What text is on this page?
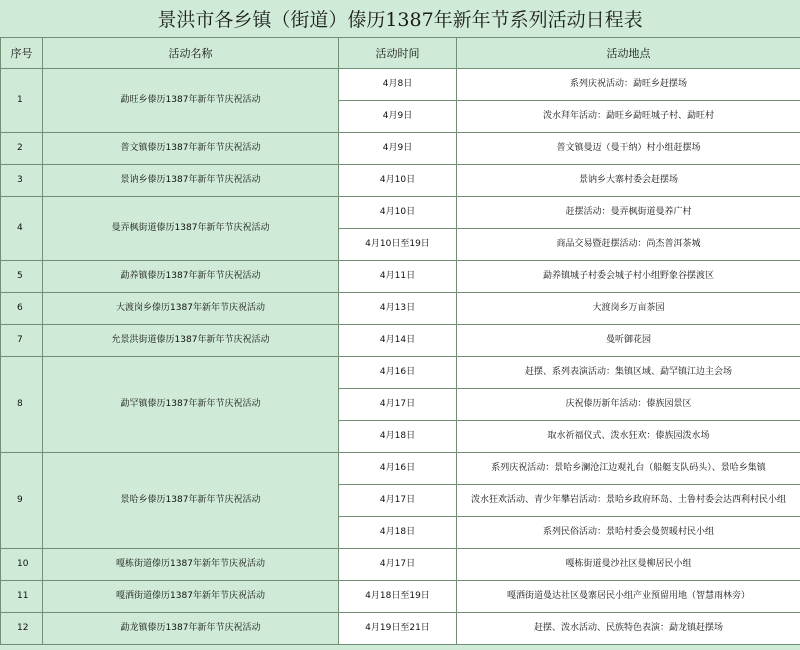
景洪市各乡镇（街道）傣历1387年新年节系列活动日程表
序号	活动名称	活动时间	活动地点
1	勐旺乡傣历1387年新年节庆祝活动	4月8日	系列庆祝活动：勐旺乡赶摆场
		4月9日	泼水拜年活动：勐旺乡勐旺城子村、勐旺村
2	普文镇傣历1387年新年节庆祝活动	4月9日	普文镇曼迈（曼干纳）村小组赶摆场
3	景讷乡傣历1387年新年节庆祝活动	4月10日	景讷乡大寨村委会赶摆场
4	曼弄枫街道傣历1387年新年节庆祝活动	4月10日	赶摆活动：曼弄枫街道曼养广村
		4月10日至19日	商品交易暨赶摆活动：尚杰普洱茶城
5	勐养镇傣历1387年新年节庆祝活动	4月11日	勐养镇城子村委会城子村小组野象谷摆渡区
6	大渡岗乡傣历1387年新年节庆祝活动	4月13日	大渡岗乡万亩茶园
7	允景洪街道傣历1387年新年节庆祝活动	4月14日	曼听御花园
8	勐罕镇傣历1387年新年节庆祝活动	4月16日	赶摆、系列表演活动：集镇区域、勐罕镇江边主会场
		4月17日	庆祝傣历新年活动：傣族园景区
		4月18日	取水祈福仪式、泼水狂欢：傣族园泼水场
9	景哈乡傣历1387年新年节庆祝活动	4月16日	系列庆祝活动：景哈乡澜沧江边观礼台（船艇支队码头）、景哈乡集镇
		4月17日	泼水狂欢活动、青少年攀岩活动：景哈乡政府环岛、土鲁村委会达西利村民小组
		4月18日	系列民俗活动：景哈村委会曼贺暖村民小组
10	嘎栋街道傣历1387年新年节庆祝活动	4月17日	嘎栋街道曼沙社区曼柳居民小组
11	嘎洒街道傣历1387年新年节庆祝活动	4月18日至19日	嘎洒街道曼达社区曼寨居民小组产业预留用地（智慧雨林旁）
12	勐龙镇傣历1387年新年节庆祝活动	4月19日至21日	赶摆、泼水活动、民族特色表演：勐龙镇赶摆场
